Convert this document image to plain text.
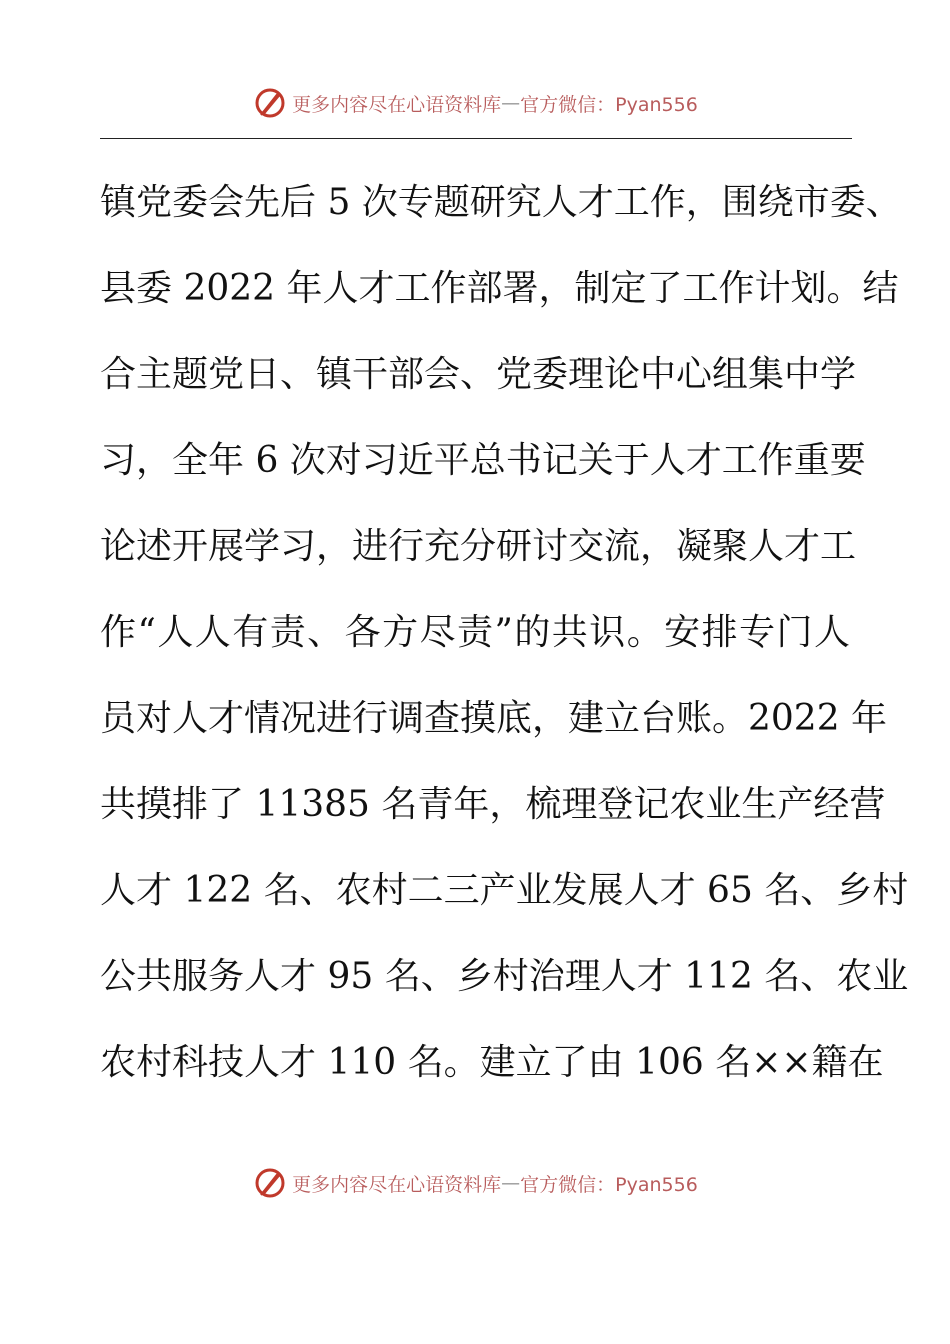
更多内容尽在心语资料库 — 官方微信：Pyan556
镇党委会先后 5 次专题研究人才工作，围绕市委、
县委 2022 年人才工作部署，制定了工作计划。结
合主题党日、镇干部会、党委理论中心组集中学
习，全年 6 次对习近平总书记关于人才工作重要
论述开展学习，进行充分研讨交流，凝聚人才工
作“人人有责、各方尽责”的共识。安排专门人
员对人才情况进行调查摸底，建立台账。2022 年
共摸排了 11385 名青年，梳理登记农业生产经营
人才 122 名、农村二三产业发展人才 65 名、乡村
公共服务人才 95 名、乡村治理人才 112 名、农业
农村科技人才 110 名。建立了由 106 名××籍在
更多内容尽在心语资料库 — 官方微信：Pyan556
